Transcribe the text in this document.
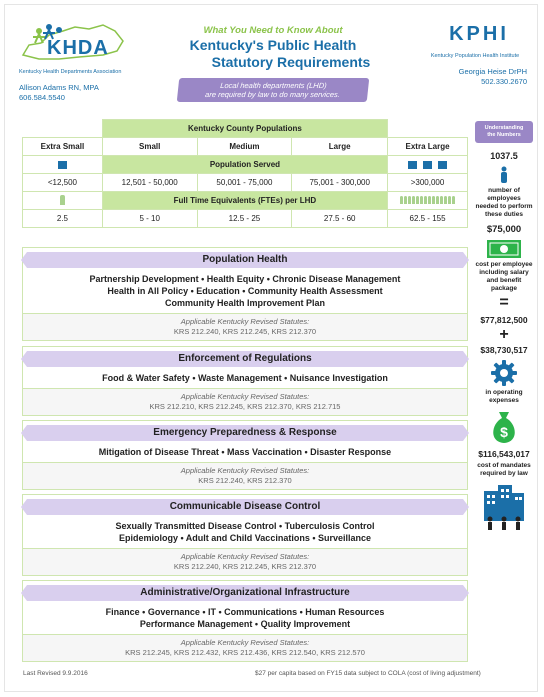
KHDA
Kentucky Health Departments Association
Allison Adams RN, MPA
606.584.5540
What You Need to Know About
Kentucky's Public Health
Statutory Requirements
Local health departments (LHD)
are required by law to do many services.
KPHI
Kentucky Population Health Institute
Georgia Heise DrPH
502.330.2670
	Kentucky County Populations			
Extra Small	Small	Medium	Large	Extra Large
	Population Served			
<12,500	12,501 - 50,000	50,001 - 75,000	75,001 - 300,000	>300,000
	Full Time Equivalents (FTEs) per LHD			

2.5	5 - 10	12.5 - 25	27.5 - 60	62.5 - 155
Understanding
the Numbers
1037.5
number of employees needed to perform these duties
$75,000
cost per employee including salary and benefit package
=
$77,812,500
+
$38,730,517
in operating expenses
$
$116,543,017
cost of mandates required by law
Population Health
Partnership Development • Health Equity • Chronic Disease Management
Health in All Policy • Education • Community Health Assessment
Community Health Improvement Plan
Applicable Kentucky Revised Statutes:
KRS 212.240, KRS 212.245, KRS 212.370
Enforcement of Regulations
Food & Water Safety • Waste Management • Nuisance Investigation
Applicable Kentucky Revised Statutes:
KRS 212.210, KRS 212.245, KRS 212.370, KRS 212.715
Emergency Preparedness & Response
Mitigation of Disease Threat • Mass Vaccination • Disaster Response
Applicable Kentucky Revised Statutes:
KRS 212.240, KRS 212.370
Communicable Disease Control
Sexually Transmitted Disease Control • Tuberculosis Control
Epidemiology • Adult and Child Vaccinations • Surveillance
Applicable Kentucky Revised Statutes:
KRS 212.240, KRS 212.245, KRS 212.370
Administrative/Organizational Infrastructure
Finance • Governance • IT • Communications • Human Resources
Performance Management • Quality Improvement
Applicable Kentucky Revised Statutes:
KRS 212.245, KRS 212.432, KRS 212.436, KRS 212.540, KRS 212.570
Last Revised 9.9.2016	$27 per capita based on FY15 data subject to COLA (cost of living adjustment)
